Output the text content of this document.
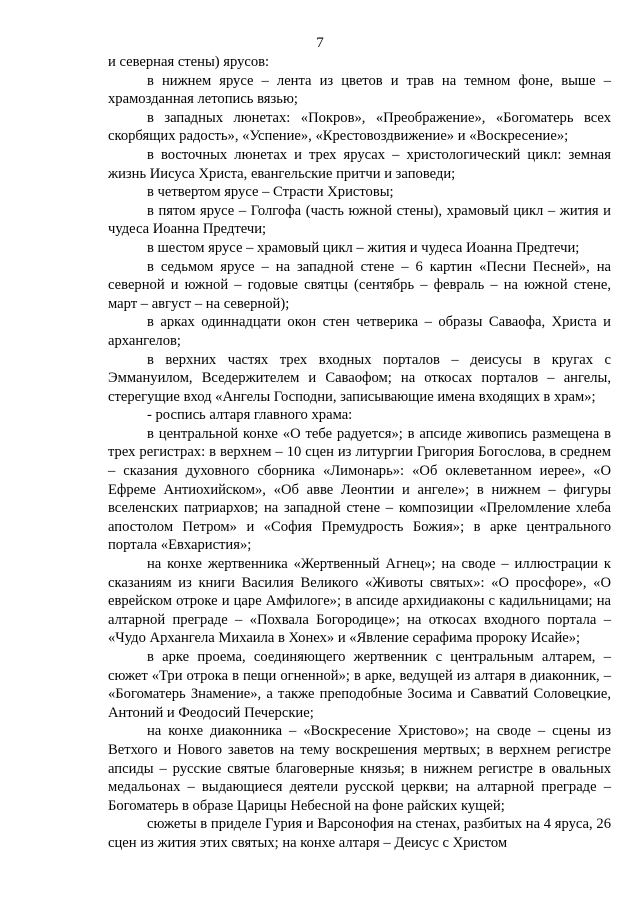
7

и северная стены) ярусов:

в нижнем ярусе – лента из цветов и трав на темном фоне, выше – храмозданная летопись вязью;

в западных люнетах: «Покров», «Преображение», «Богоматерь всех скорбящих радость», «Успение», «Крестовоздвижение» и «Воскресение»;

в восточных люнетах и трех ярусах – христологический цикл: земная жизнь Иисуса Христа, евангельские притчи и заповеди;

в четвертом ярусе – Страсти Христовы;

в пятом ярусе – Голгофа (часть южной стены), храмовый цикл – жития и чудеса Иоанна Предтечи;

в шестом ярусе – храмовый цикл – жития и чудеса Иоанна Предтечи;

в седьмом ярусе – на западной стене – 6 картин «Песни Песней», на северной и южной – годовые святцы (сентябрь – февраль – на южной стене, март – август – на северной);

в арках одиннадцати окон стен четверика – образы Саваофа, Христа и архангелов;

в верхних частях трех входных порталов – деисусы в кругах с Эммануилом, Вседержителем и Саваофом; на откосах порталов – ангелы, стерегущие вход «Ангелы Господни, записывающие имена входящих в храм»;

- роспись алтаря главного храма:

в центральной конхе «О тебе радуется»; в апсиде живопись размещена в трех регистрах: в верхнем – 10 сцен из литургии Григория Богослова, в среднем – сказания духовного сборника «Лимонарь»: «Об оклеветанном иерее», «О Ефреме Антиохийском», «Об авве Леонтии и ангеле»; в нижнем – фигуры вселенских патриархов; на западной стене – композиции «Преломление хлеба апостолом Петром» и «София Премудрость Божия»; в арке центрального портала «Евхаристия»;

на конхе жертвенника «Жертвенный Агнец»; на своде – иллюстрации к сказаниям из книги Василия Великого «Животы святых»: «О просфоре», «О еврейском отроке и царе Амфилоге»; в апсиде архидиаконы с кадильницами; на алтарной преграде – «Похвала Богородице»; на откосах входного портала – «Чудо Архангела Михаила в Хонех» и «Явление серафима пророку Исайе»;

в арке проема, соединяющего жертвенник с центральным алтарем, – сюжет «Три отрока в пещи огненной»; в арке, ведущей из алтаря в диаконник, – «Богоматерь Знамение», а также преподобные Зосима и Савватий Соловецкие, Антоний и Феодосий Печерские;

на конхе диаконника – «Воскресение Христово»; на своде – сцены из Ветхого и Нового заветов на тему воскрешения мертвых; в верхнем регистре апсиды – русские святые благоверные князья; в нижнем регистре в овальных медальонах – выдающиеся деятели русской церкви; на алтарной преграде – Богоматерь в образе Царицы Небесной на фоне райских кущей;

сюжеты в приделе Гурия и Варсонофия на стенах, разбитых на 4 яруса, 26 сцен из жития этих святых; на конхе алтаря – Деисус с Христом
